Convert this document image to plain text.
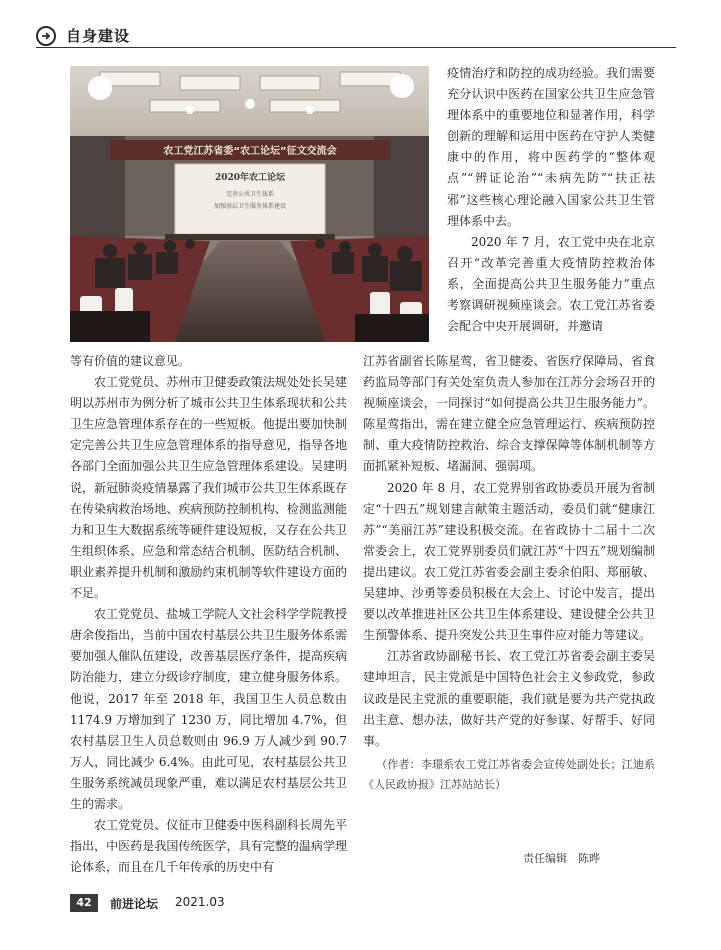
自身建设
农工党江苏省委“农工论坛”征文交流会
2020年农工论坛
完善公共卫生体系
加强基层卫生服务体系建设

疫情治疗和防控的成功经验。我们需要充分认识中医药在国家公共卫生应急管理体系中的重要地位和显著作用，科学创新的理解和运用中医药在守护人类健康中的作用，将中医药学的“整体观点”“辨证论治”“未病先防”“扶正祛邪”这些核心理论融入国家公共卫生管理体系中去。

2020 年 7 月，农工党中央在北京召开“改革完善重大疫情防控救治体系，全面提高公共卫生服务能力”重点考察调研视频座谈会。农工党江苏省委会配合中央开展调研，并邀请

等有价值的建议意见。

农工党党员、苏州市卫健委政策法规处处长吴建明以苏州市为例分析了城市公共卫生体系现状和公共卫生应急管理体系存在的一些短板。他提出要加快制定完善公共卫生应急管理体系的指导意见，指导各地各部门全面加强公共卫生应急管理体系建设。吴建明说，新冠肺炎疫情暴露了我们城市公共卫生体系既存在传染病救治场地、疾病预防控制机构、检测监测能力和卫生大数据系统等硬件建设短板，又存在公共卫生组织体系、应急和常态结合机制、医防结合机制、职业素养提升机制和激励约束机制等软件建设方面的不足。

农工党党员、盐城工学院人文社会科学学院教授唐余俊指出，当前中国农村基层公共卫生服务体系需要加强人催队伍建设，改善基层医疗条件，提高疾病防治能力，建立分级诊疗制度，建立健身服务体系。他说，2017 年至 2018 年，我国卫生人员总数由 1174.9 万增加到了 1230 万，同比增加 4.7%，但农村基层卫生人员总数则由 96.9 万人减少到 90.7 万人，同比减少 6.4%。由此可见，农村基层公共卫生服务系统减员现象严重，难以满足农村基层公共卫生的需求。

农工党党员、仪征市卫健委中医科副科长周先平指出，中医药是我国传统医学，具有完整的温病学理论体系，而且在几千年传承的历史中有

江苏省副省长陈星莺，省卫健委、省医疗保障局、省食药监局等部门有关处室负责人参加在江苏分会场召开的视频座谈会，一同探讨“如何提高公共卫生服务能力”。陈星莺指出，需在建立健全应急管理运行、疾病预防控制、重大疫情防控救治、综合支撑保障等体制机制等方面抓紧补短板、堵漏洞、强弱项。

2020 年 8 月，农工党界别省政协委员开展为省制定“十四五”规划建言献策主题活动，委员们就“健康江苏”“美丽江苏”建设积极交流。在省政协十二届十二次常委会上，农工党界别委员们就江苏“十四五”规划编制提出建议。农工党江苏省委会副主委余伯阳、郑丽敏、吴建坤、沙勇等委员积极在大会上、讨论中发言，提出要以改革推进社区公共卫生体系建设、建设健全公共卫生预警体系、提升突发公共卫生事件应对能力等建议。

江苏省政协副秘书长、农工党江苏省委会副主委吴建坤坦言，民主党派是中国特色社会主义参政党，参政议政是民主党派的重要职能，我们就是要为共产党执政出主意、想办法，做好共产党的好参谋、好帮手、好同事。

（作者：李璟系农工党江苏省委会宣传处副处长；江迪系《人民政协报》江苏站站长）

责任编辑　陈晔
42	前进论坛 2021.03
